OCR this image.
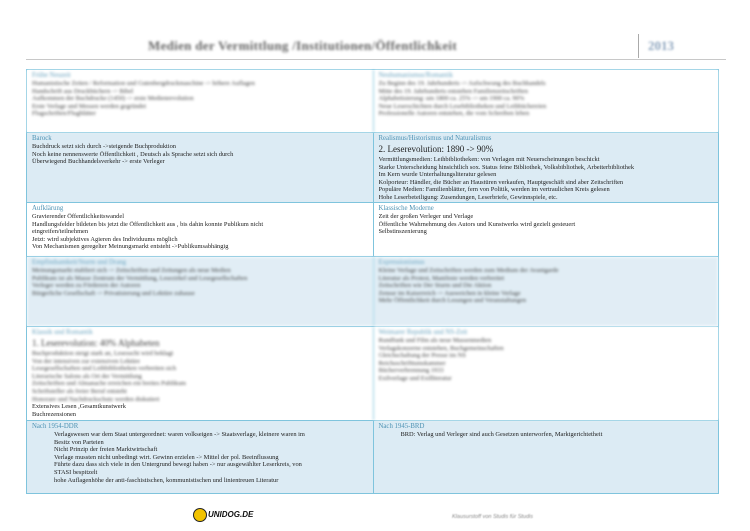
Medien der Vermittlung /Institutionen/Öffentlichkeit	2013
Frühe Neuzeit
Humanistische Zeiten / Reformation und Gutenbergdruckmaschine -> höhere Auflagen
Handschrift aus Druckbüchern -> Bibel
Aufkommen der Buchdrucke (1450) -> erste Medienrevolution
Erste Verlage und Messen werden gegründet
Flugschriften/Flugblätter
Neuhumanismus/Romantik
Zu Beginn des 19. Jahrhunderts -> Aufschwung des Buchhandels
Mitte des 19. Jahrhunderts entstehen Familienzeitschriften
Alphabetisierung: um 1800 ca. 25% -> um 1900 ca. 90%
Neue Leserschichten durch Lesebibliotheken und Leihbüchereien
Professionelle Autoren entstehen, die vom Schreiben leben
Barock
Buchdruck setzt sich durch ->steigende Buchproduktion
Noch keine nennenswerte Öffentlichkeit , Deutsch als Sprache setzt sich durch
Überwiegend Buchhandelsverkehr -> erste Verleger
Realismus/Historismus und Naturalismus
2. Leserevolution: 1890 -> 90%
Vermittlungsmedien: Leihbibliotheken: von Verlagen mit Neuerscheinungen beschickt
Starke Unterscheidung hinsichtlich sox. Status feine Bibliothek, Volksbibliothek, Arbeiterbibliothek
Im Kern wurde Unterhaltungsliteratur gelesen
Kolporteur: Händler, die Bücher an Haustüren verkaufen, Hauptgeschäft sind aber Zeitschriften
Populäre Medien: Familienblätter, fern von Politik, werden im vertraulichen Kreis gelesen
Hohe Leserbeteiligung: Zusendungen, Leserbriefe, Gewinnspiele, etc.
Aufklärung
Gravierender Öffentlichkeitswandel
Handlungsfelder bildeten bis jetzt die Öffentlichkeit aus , bis dahin konnte Publikum nicht
eingreifen/teilnehmen
Jetzt: wird subjektives Agieren des Individuums möglich
Von Mechanismen geregelter Meinungsmarkt entsteht ->Publikumsabhängig
Klassische Moderne
Zeit der großen Verleger und Verlage
Öffentliche Wahrnehmung des Autors und Kunstwerks wird gezielt gesteuert
Selbstinszenierung
Empfindsamkeit/Sturm und Drang
Meinungsmarkt etabliert sich -> Zeitschriften und Zeitungen als neue Medien
Publikum ist als Masse Zentrum der Vermittlung, Lesezirkel und Lesegesellschaften
Verleger werden zu Förderern der Autoren
Bürgerliche Gesellschaft -> Privatisierung und Lektüre zuhause
Expressionismus
Kleine Verlage und Zeitschriften werden zum Medium der Avantgarde
Literatur als Protest, Manifeste werden verbreitet
Zeitschriften wie Der Sturm und Die Aktion
Zensur im Kaiserreich -> Ausweichen in kleine Verlage
Mehr Öffentlichkeit durch Lesungen und Veranstaltungen
Klassik und Romantik
1. Leserevolution: 40% Alphabeten
Buchproduktion steigt stark an, Lesesucht wird beklagt
Von der intensiven zur extensiven Lektüre
Lesegesellschaften und Leihbibliotheken verbreiten sich
Literarische Salons als Ort der Vermittlung
Zeitschriften und Almanache erreichen ein breites Publikum
Schriftsteller als freier Beruf entsteht
Honorare und Nachdruckschutz werden diskutiert
Extensives Lesen ,Gesamtkunstwerk
Buchrezensionen
Weimarer Republik und NS-Zeit
Rundfunk und Film als neue Massenmedien
Verlagskonzerne entstehen, Buchgemeinschaften
Gleichschaltung der Presse im NS
Reichsschrifttumskammer
Bücherverbrennung 1933
Exilverlage und Exilliteratur
Nach 1954-DDR
▪ Verlagswesen war dem Staat untergeordnet: waren volkseigen -> Staatsverlage, kleinere waren im
Besitz von Parteien
▪ Nicht Prinzip der freien Marktwirtschaft
▪ Verlage mussten nicht unbedingt wirt. Gewinn erzielen -> Mittel der pol. Beeinflussung
▪ Führte dazu dass sich viele in den Untergrund bewegt haben -> nur ausgewählter Leserkreis, von
STASI bespitzelt
▪ hohe Auflagenhöhe der anti-faschistischen, kommunistischen und linientreuen Literatur
Nach 1945-BRD
▪ BRD: Verlag und Verleger sind auch Gesetzen unterworfen, Marktgerichtetheit
UNIDOG.DE	Klausurstoff von Studis für Studis
